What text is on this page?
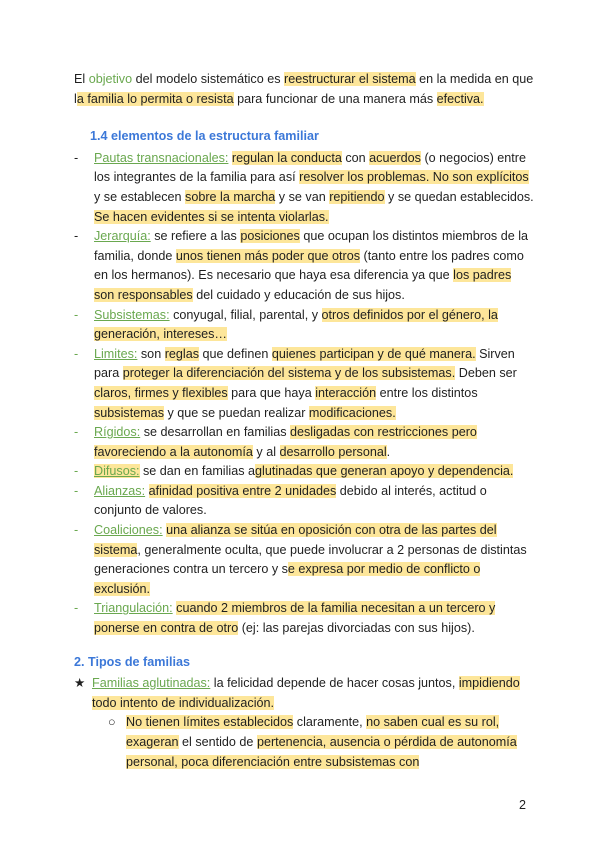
El objetivo del modelo sistemático es reestructurar el sistema en la medida en que la familia lo permita o resista para funcionar de una manera más efectiva.

1.4 elementos de la estructura familiar
-	Pautas transnacionales: regulan la conducta con acuerdos (o negocios) entre los integrantes de la familia para así resolver los problemas. No son explícitos y se establecen sobre la marcha y se van repitiendo y se quedan establecidos. Se hacen evidentes si se intenta violarlas.
-	Jerarquía: se refiere a las posiciones que ocupan los distintos miembros de la familia, donde unos tienen más poder que otros (tanto entre los padres como en los hermanos). Es necesario que haya esa diferencia ya que los padres son responsables del cuidado y educación de sus hijos.
-	Subsistemas: conyugal, filial, parental, y otros definidos por el género, la generación, intereses…
-	Limites: son reglas que definen quienes participan y de qué manera. Sirven para proteger la diferenciación del sistema y de los subsistemas. Deben ser claros, firmes y flexibles para que haya interacción entre los distintos subsistemas y que se puedan realizar modificaciones.
-	Rígidos: se desarrollan en familias desligadas con restricciones pero favoreciendo a la autonomía y al desarrollo personal.
-	Difusos: se dan en familias aglutinadas que generan apoyo y dependencia.
-	Alianzas: afinidad positiva entre 2 unidades debido al interés, actitud o conjunto de valores.
-	Coaliciones: una alianza se sitúa en oposición con otra de las partes del sistema, generalmente oculta, que puede involucrar a 2 personas de distintas generaciones contra un tercero y se expresa por medio de conflicto o exclusión.
-	Triangulación: cuando 2 miembros de la familia necesitan a un tercero y ponerse en contra de otro (ej: las parejas divorciadas con sus hijos).
2. Tipos de familias
★ Familias aglutinadas: la felicidad depende de hacer cosas juntos, impidiendo todo intento de individualización.
○ No tienen límites establecidos claramente, no saben cual es su rol, exageran el sentido de pertenencia, ausencia o pérdida de autonomía personal, poca diferenciación entre subsistemas con
2
